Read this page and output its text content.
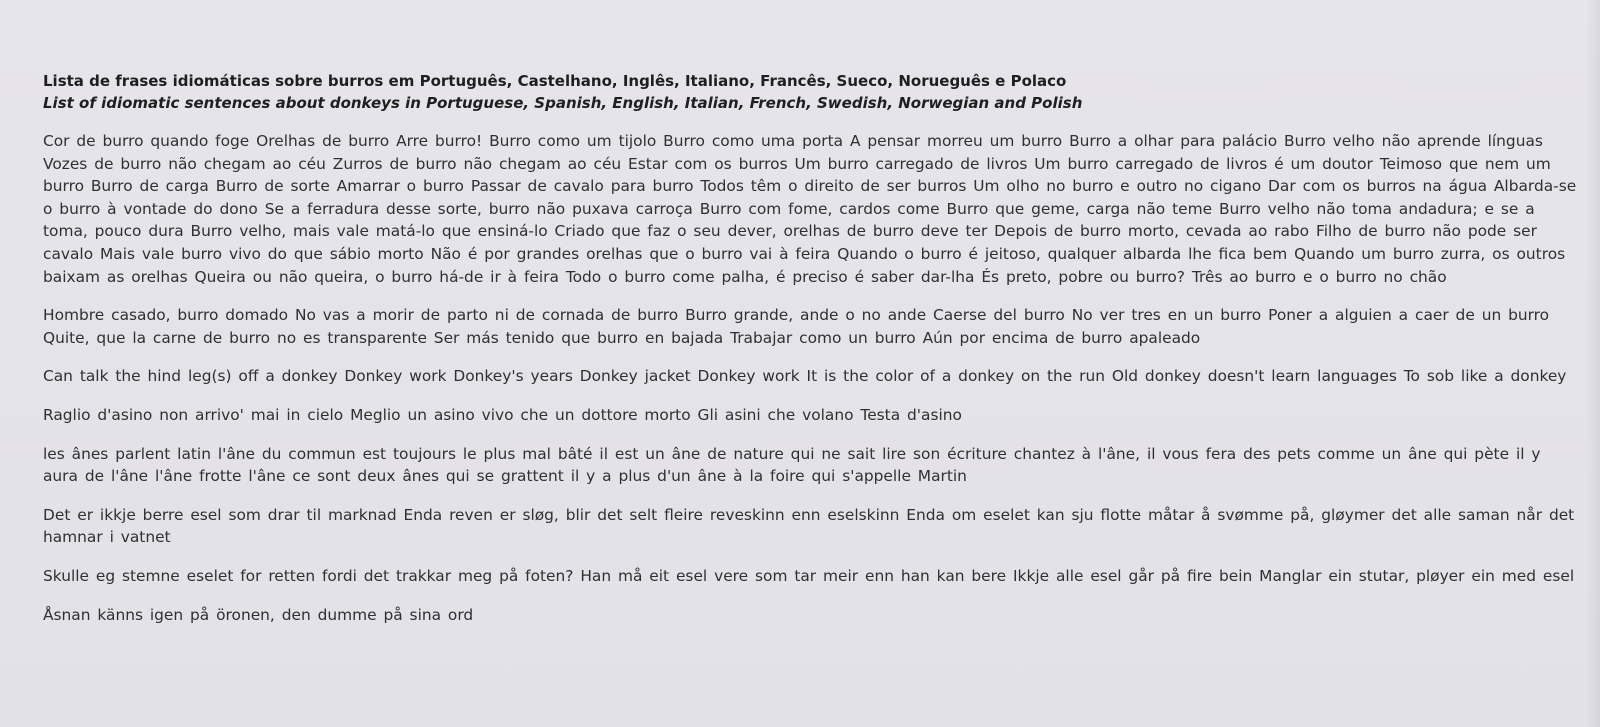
Lista de frases idiomáticas sobre burros em Português, Castelhano, Inglês, Italiano, Francês, Sueco, Norueguês e Polaco

List of idiomatic sentences about donkeys in Portuguese, Spanish, English, Italian, French, Swedish, Norwegian and Polish

Cor de burro quando foge Orelhas de burro Arre burro! Burro como um tijolo Burro como uma porta A pensar morreu um burro Burro a olhar para palácio Burro velho não aprende línguas Vozes de burro não chegam ao céu Zurros de burro não chegam ao céu Estar com os burros Um burro carregado de livros Um burro carregado de livros é um doutor Teimoso que nem um burro Burro de carga Burro de sorte Amarrar o burro Passar de cavalo para burro Todos têm o direito de ser burros Um olho no burro e outro no cigano Dar com os burros na água Albarda-se o burro à vontade do dono Se a ferradura desse sorte, burro não puxava carroça Burro com fome, cardos come Burro que geme, carga não teme Burro velho não toma andadura; e se a toma, pouco dura Burro velho, mais vale matá-lo que ensiná-lo Criado que faz o seu dever, orelhas de burro deve ter Depois de burro morto, cevada ao rabo Filho de burro não pode ser cavalo Mais vale burro vivo do que sábio morto Não é por grandes orelhas que o burro vai à feira Quando o burro é jeitoso, qualquer albarda lhe fica bem Quando um burro zurra, os outros baixam as orelhas Queira ou não queira, o burro há-de ir à feira Todo o burro come palha, é preciso é saber dar-lha És preto, pobre ou burro? Três ao burro e o burro no chão

Hombre casado, burro domado No vas a morir de parto ni de cornada de burro Burro grande, ande o no ande Caerse del burro No ver tres en un burro Poner a alguien a caer de un burro Quite, que la carne de burro no es transparente Ser más tenido que burro en bajada Trabajar como un burro Aún por encima de burro apaleado

Can talk the hind leg(s) off a donkey Donkey work Donkey's years Donkey jacket Donkey work It is the color of a donkey on the run Old donkey doesn't learn languages To sob like a donkey

Raglio d'asino non arrivo' mai in cielo Meglio un asino vivo che un dottore morto Gli asini che volano Testa d'asino

les ânes parlent latin l'âne du commun est toujours le plus mal bâté il est un âne de nature qui ne sait lire son écriture chantez à l'âne, il vous fera des pets comme un âne qui pète il y aura de l'âne l'âne frotte l'âne ce sont deux ânes qui se grattent il y a plus d'un âne à la foire qui s'appelle Martin

Det er ikkje berre esel som drar til marknad Enda reven er sløg, blir det selt fleire reveskinn enn eselskinn Enda om eselet kan sju flotte måtar å svømme på, gløymer det alle saman når det hamnar i vatnet

Skulle eg stemne eselet for retten fordi det trakkar meg på foten? Han må eit esel vere som tar meir enn han kan bere Ikkje alle esel går på fire bein Manglar ein stutar, pløyer ein med esel

Åsnan känns igen på öronen, den dumme på sina ord
